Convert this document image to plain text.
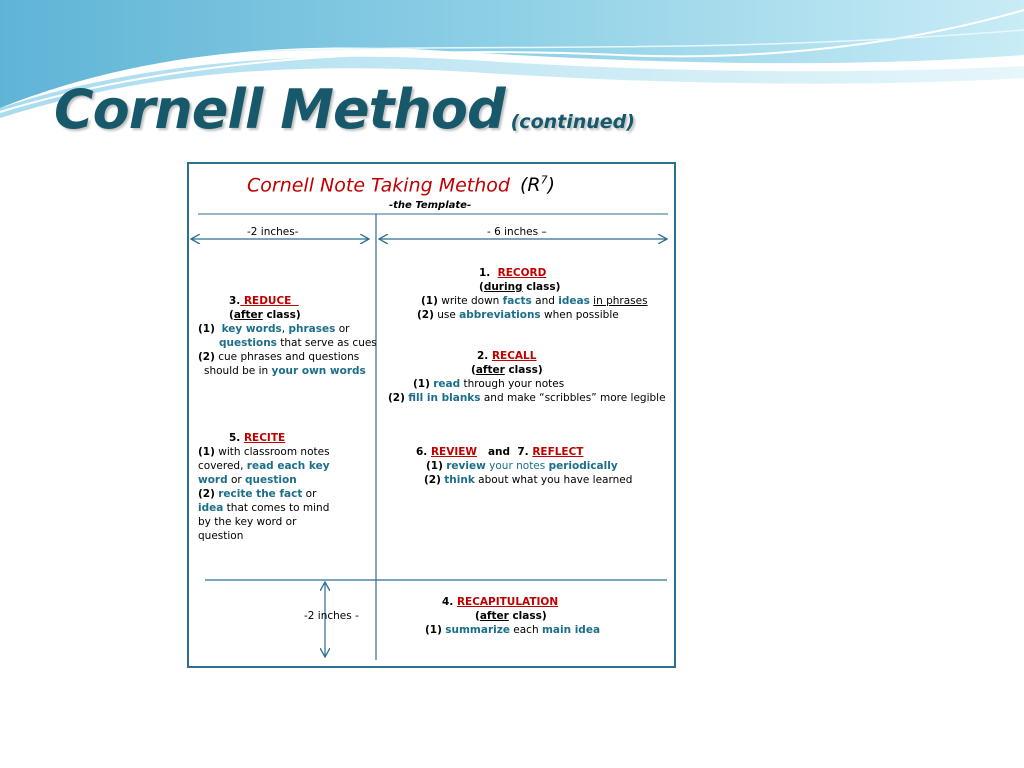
Cornell Method (continued)
Cornell Note Taking Method $(R^7)$
-the Template-
-2 inches-	- 6 inches –
1. RECORD
(during class)
(1) write down facts and ideas in phrases
(2) use abbreviations when possible
3. REDUCE
(after class)
(1) key words, phrases or
questions that serve as cues
(2) cue phrases and questions
should be in your own words
2. RECALL
(after class)
(1) read through your notes
(2) fill in blanks and make “scribbles” more legible
5. RECITE
(1) with classroom notes
covered, read each key
word or question
(2) recite the fact or
idea that comes to mind
by the key word or
question
6. REVIEW and 7. REFLECT
(1) review your notes periodically
(2) think about what you have learned
-2 inches -
4. RECAPITULATION
(after class)
(1) summarize each main idea
